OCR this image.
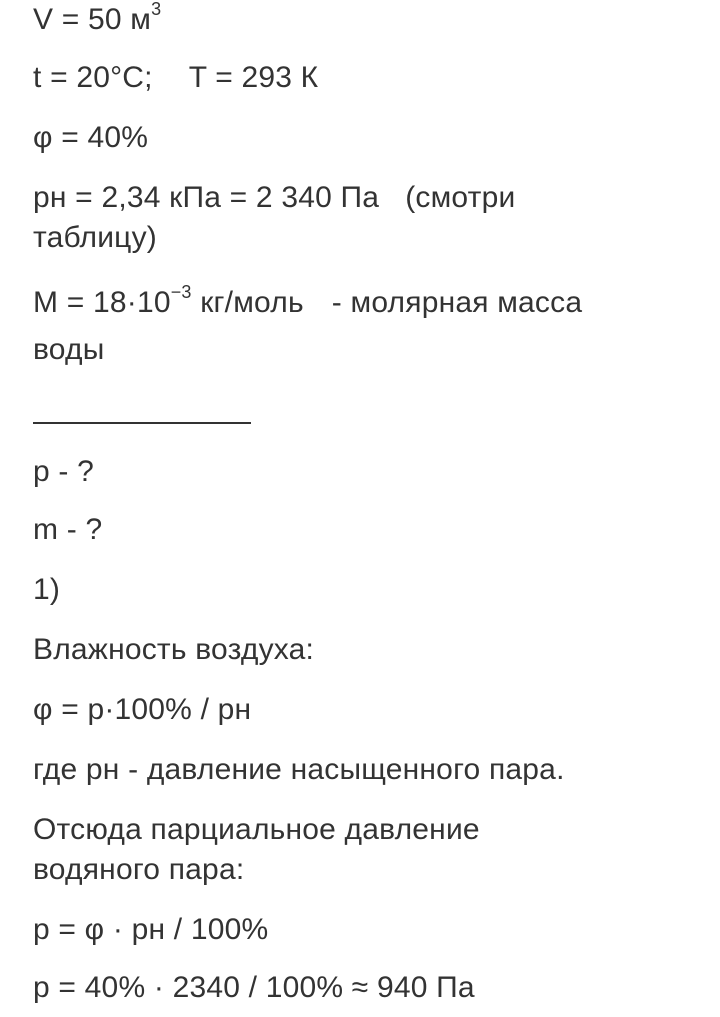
V = 50 $м^3$
t = 20°C; T = 293 К
φ = 40%
pн = 2,34 кПа = 2 340 Па (смотри
таблицу)
$M = 18\cdot 10^{-3}$ кг/моль - молярная масса
воды
p - ?
m - ?
1)
Влажность воздуха:
φ = p·100% / pн
где pн - давление насыщенного пара.
Отсюда парциальное давление
водяного пара:
p = φ · pн / 100%
p = 40% · 2340 / 100% ≈ 940 Па
